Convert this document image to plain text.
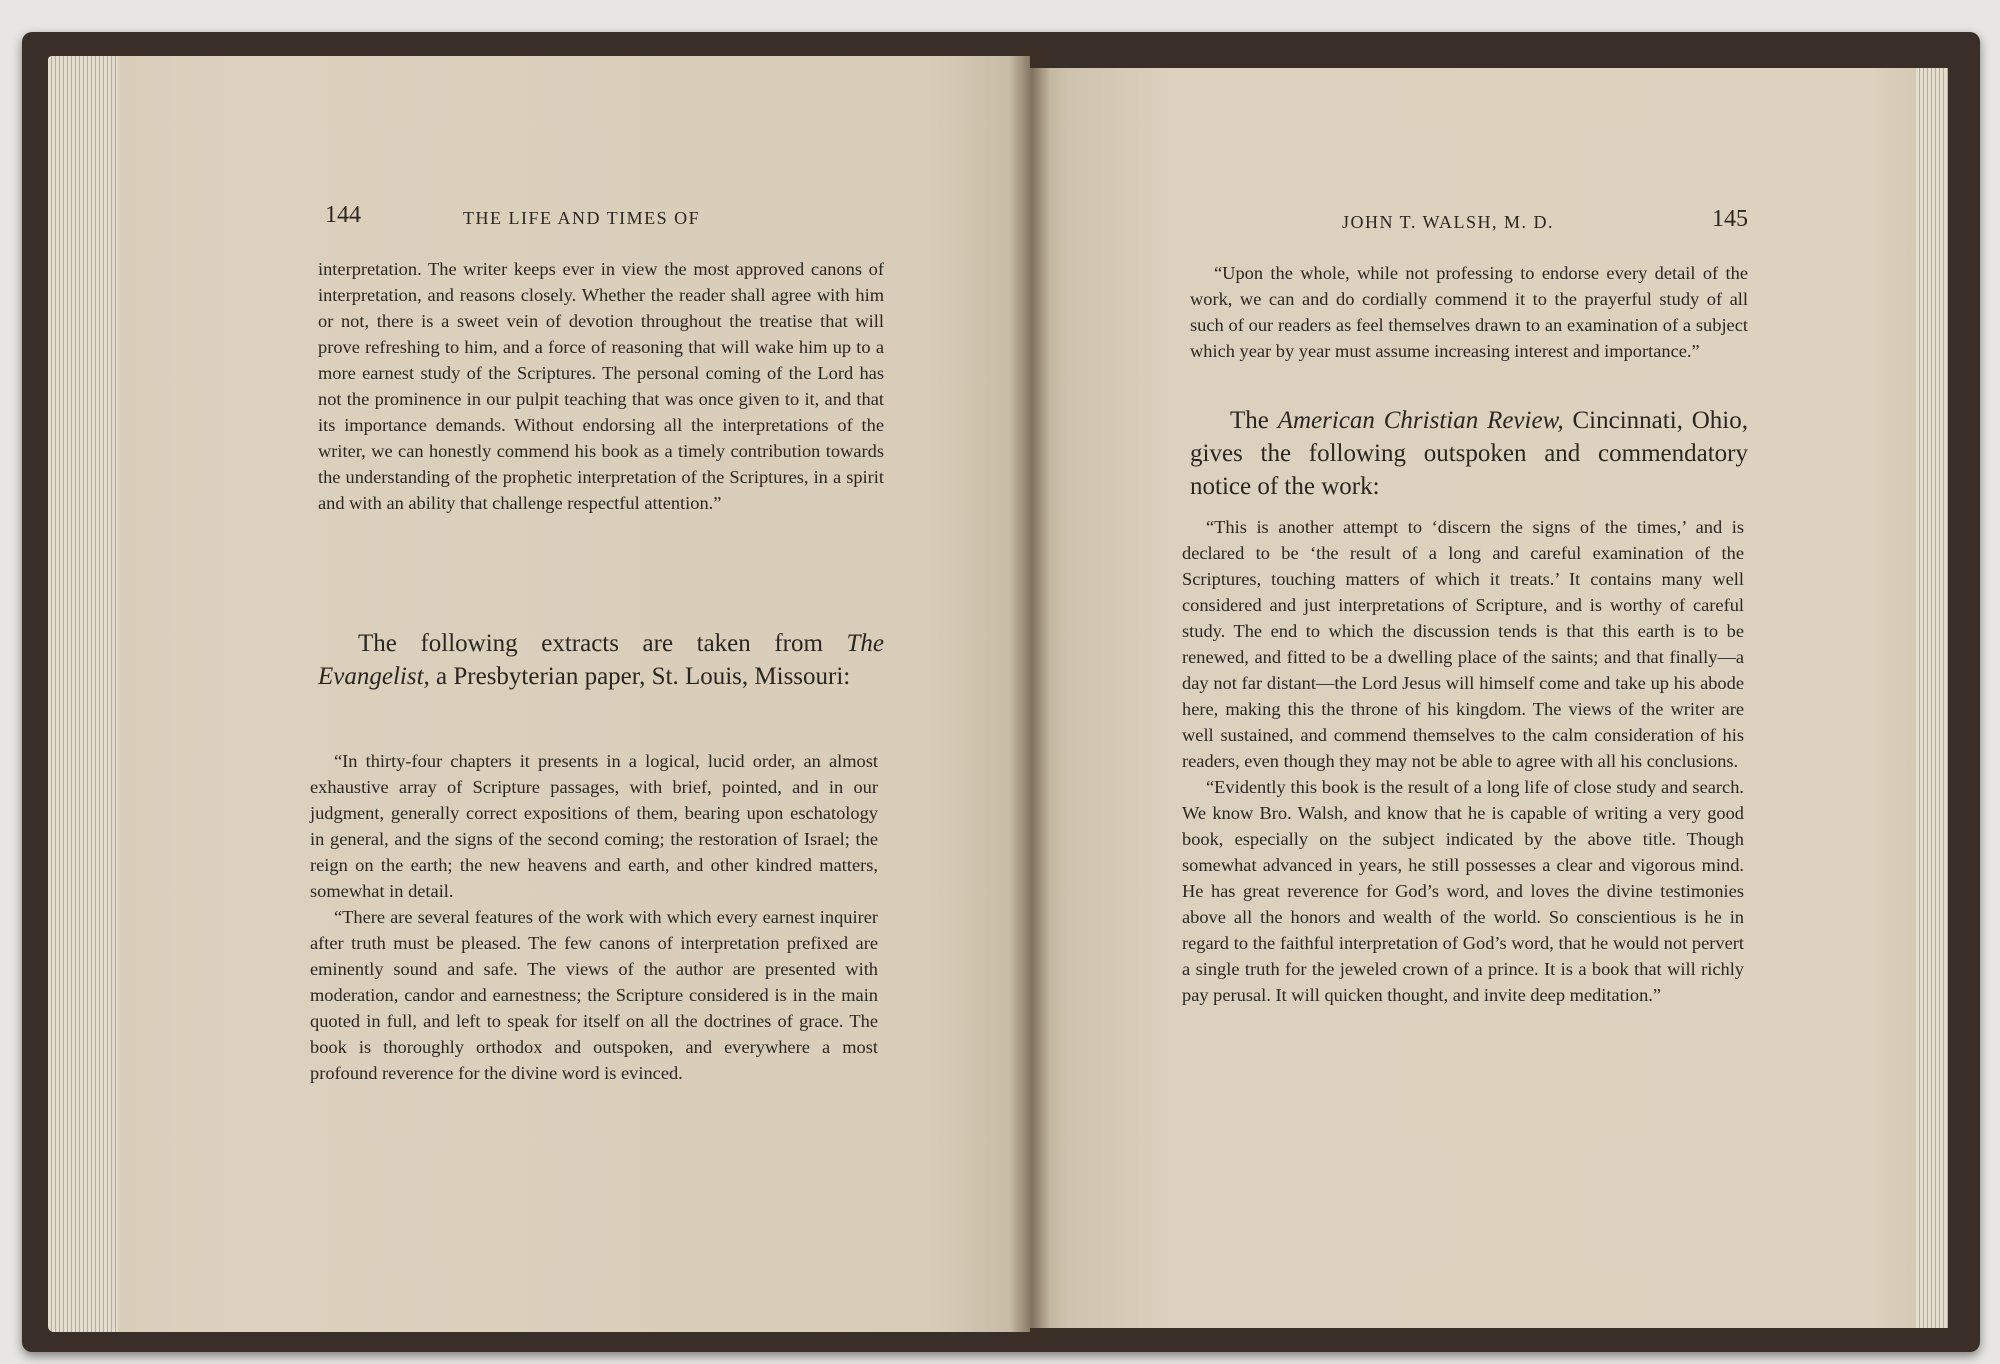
144	THE LIFE AND TIMES OF

interpretation. The writer keeps ever in view the most approved canons of interpretation, and reasons closely. Whether the reader shall agree with him or not, there is a sweet vein of devotion throughout the treatise that will prove refreshing to him, and a force of reasoning that will wake him up to a more earnest study of the Scriptures. The personal coming of the Lord has not the prominence in our pulpit teaching that was once given to it, and that its importance demands. Without endorsing all the interpretations of the writer, we can honestly commend his book as a timely contribution towards the understanding of the prophetic interpretation of the Scriptures, in a spirit and with an ability that challenge respectful attention.”

The following extracts are taken from The Evangelist, a Presbyterian paper, St. Louis, Missouri:

“In thirty-four chapters it presents in a logical, lucid order, an almost exhaustive array of Scripture passages, with brief, pointed, and in our judgment, generally correct expositions of them, bearing upon eschatology in general, and the signs of the second coming; the restoration of Israel; the reign on the earth; the new heavens and earth, and other kindred matters, somewhat in detail.

“There are several features of the work with which every earnest inquirer after truth must be pleased. The few canons of interpretation prefixed are eminently sound and safe. The views of the author are presented with moderation, candor and earnestness; the Scripture considered is in the main quoted in full, and left to speak for itself on all the doctrines of grace. The book is thoroughly orthodox and outspoken, and everywhere a most profound reverence for the divine word is evinced.

JOHN T. WALSH, M. D.	145

“Upon the whole, while not professing to endorse every detail of the work, we can and do cordially commend it to the prayerful study of all such of our readers as feel themselves drawn to an examination of a subject which year by year must assume increasing interest and importance.”

The American Christian Review, Cincinnati, Ohio, gives the following outspoken and commendatory notice of the work:

“This is another attempt to ‘discern the signs of the times,’ and is declared to be ‘the result of a long and careful examination of the Scriptures, touching matters of which it treats.’ It contains many well considered and just interpretations of Scripture, and is worthy of careful study. The end to which the discussion tends is that this earth is to be renewed, and fitted to be a dwelling place of the saints; and that finally—a day not far distant—the Lord Jesus will himself come and take up his abode here, making this the throne of his kingdom. The views of the writer are well sustained, and commend themselves to the calm consideration of his readers, even though they may not be able to agree with all his conclusions.

“Evidently this book is the result of a long life of close study and search. We know Bro. Walsh, and know that he is capable of writing a very good book, especially on the subject indicated by the above title. Though somewhat advanced in years, he still possesses a clear and vigorous mind. He has great reverence for God’s word, and loves the divine testimonies above all the honors and wealth of the world. So conscientious is he in regard to the faithful interpretation of God’s word, that he would not pervert a single truth for the jeweled crown of a prince. It is a book that will richly pay perusal. It will quicken thought, and invite deep meditation.”
